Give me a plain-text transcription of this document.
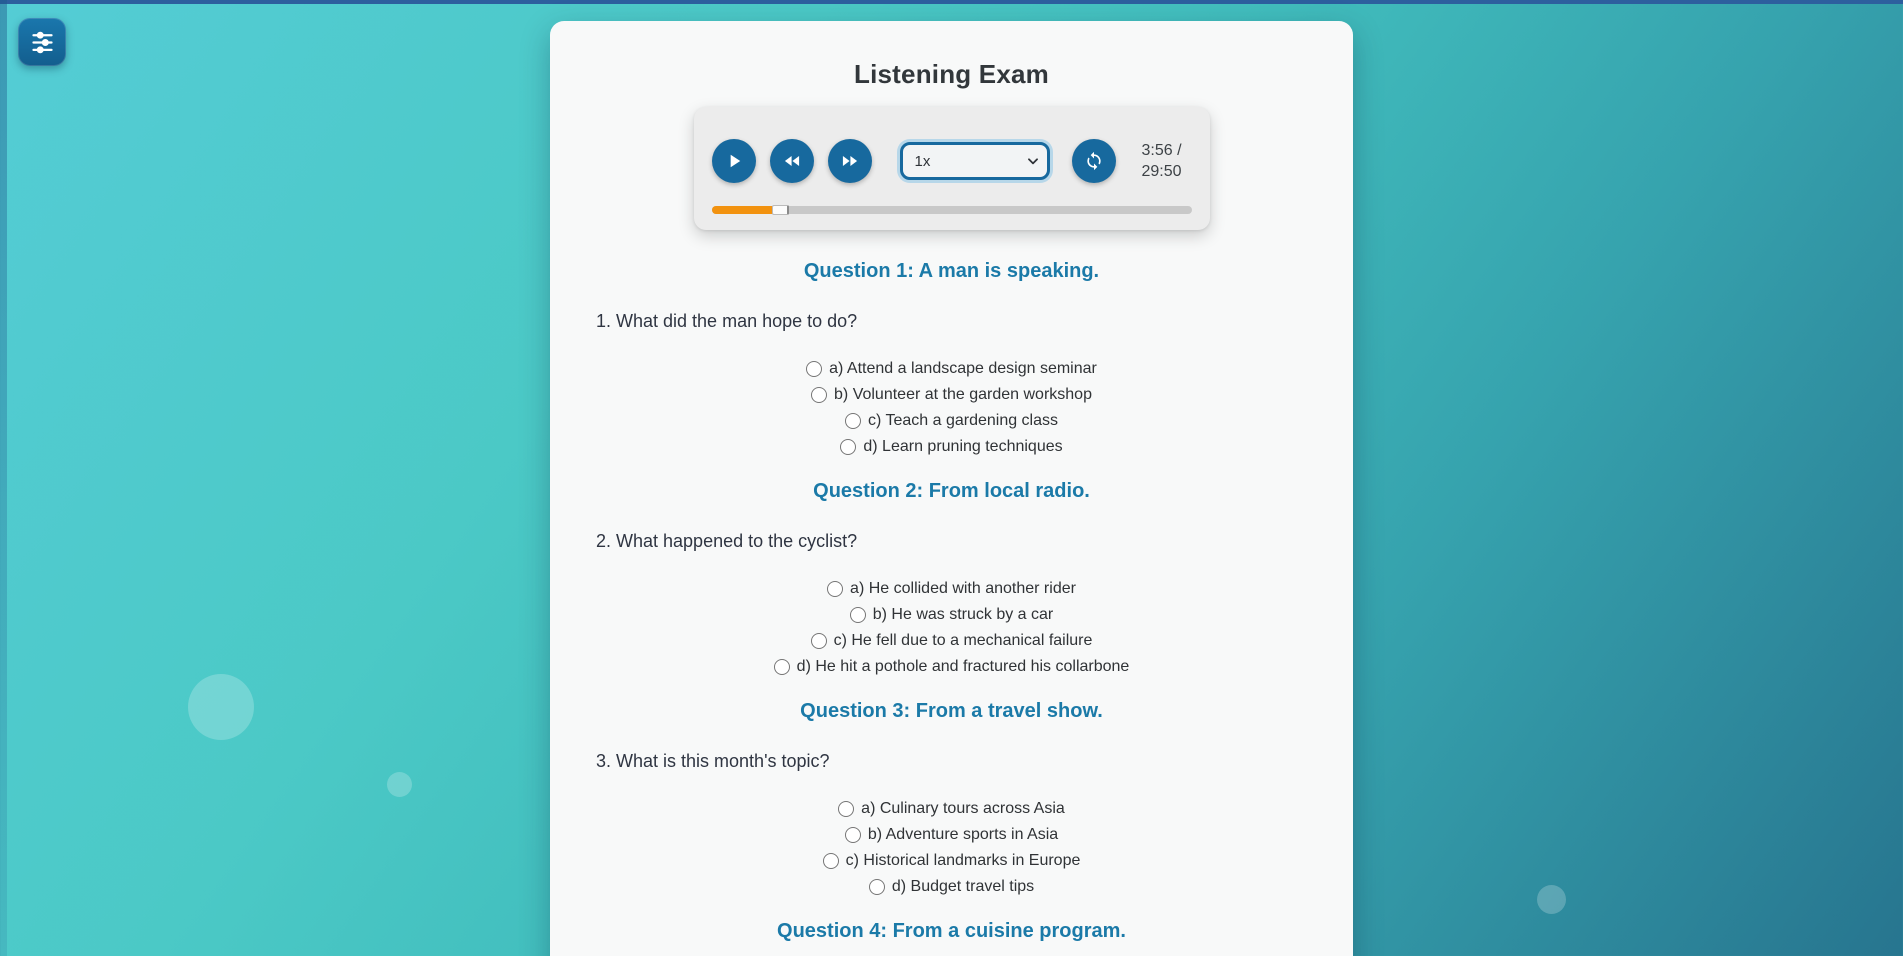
Listening Exam
1x
3:56 /
29:50
Question 1: A man is speaking.

1. What did the man hope to do?

a) Attend a landscape design seminar
b) Volunteer at the garden workshop
c) Teach a gardening class
d) Learn pruning techniques
Question 2: From local radio.

2. What happened to the cyclist?

a) He collided with another rider
b) He was struck by a car
c) He fell due to a mechanical failure
d) He hit a pothole and fractured his collarbone
Question 3: From a travel show.

3. What is this month's topic?

a) Culinary tours across Asia
b) Adventure sports in Asia
c) Historical landmarks in Europe
d) Budget travel tips
Question 4: From a cuisine program.
